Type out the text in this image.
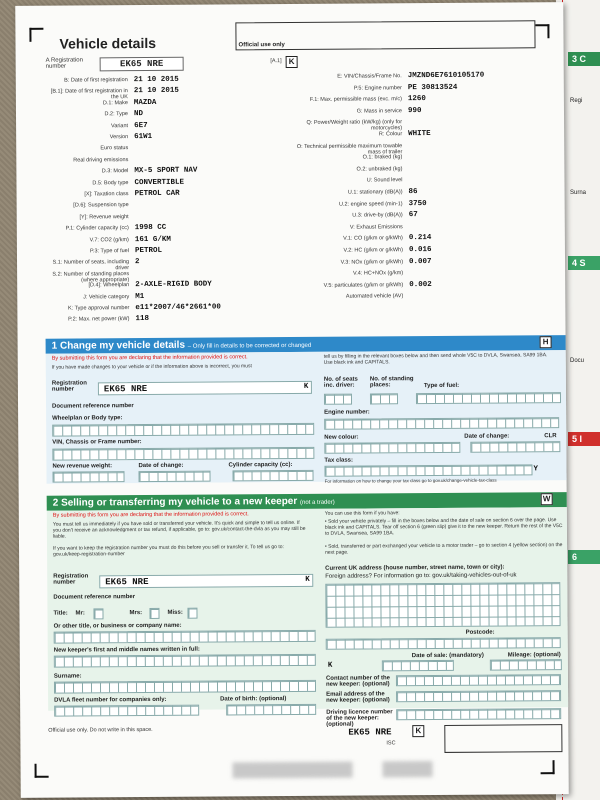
3 C
Regi
Surna
4 S
Docu
5 I
6
Vehicle details	Official use only
A Registration number	EK65 NRE	[A.1] K
1 Change my vehicle details – Only fill in details to be corrected or changed
H
By submitting this form you are declaring that the information provided is correct.
If you have made changes to your vehicle or if the information above is incorrect, you must
tell us by filling in the relevant boxes below and then send whole V5C to DVLA, Swansea, SA99 1BA. Use black ink and CAPITALS.
Registration number	EK65 NRE	K
Document reference number
Wheelplan or Body type:
VIN, Chassis or Frame number:
New revenue weight:	Date of change:	Cylinder capacity (cc):
No. of seats inc. driver:
No. of standing places:	Type of fuel:
Engine number:
New colour:	Date of change:	CLR
Tax class:
Y
For information on how to change your tax class go to gov.uk/change-vehicle-tax-class
2 Selling or transferring my vehicle to a new keeper (not a trader)	W
By submitting this form you are declaring that the information provided is correct.
You must tell us immediately if you have sold or transferred your vehicle. It's quick and simple to tell us online. If you don't receive an acknowledgment or tax refund, if applicable, go to: gov.uk/contact-the-dvla as you may still be liable.
If you want to keep the registration number you must do this before you sell or transfer it. To tell us go to: gov.uk/keep-registration-number
You can use this form if you have:
• Sold your vehicle privately – fill in the boxes below and the date of sale on section 6 over the page. Use black ink and CAPITALS. Tear off section 6 (green slip) give it to the new keeper. Return the rest of the V5C to DVLA, Swansea, SA99 1BA.
• Sold, transferred or part exchanged your vehicle to a motor trader – go to section 4 (yellow section) on the next page.
Registration number	EK65 NRE	K
Document reference number
Title: Mr:	Mrs:	Miss:
Or other title, or business or company name:
New keeper's first and middle names written in full:
Surname:
DVLA fleet number for companies only:	Date of birth: (optional)
Current UK address (house number, street name, town or city):
Foreign address? For information go to: gov.uk/taking-vehicles-out-of-uk
Postcode:
Date of sale: (mandatory)	Mileage: (optional)
K
Contact number of the new keeper: (optional)
Email address of the new keeper: (optional)
Driving licence number of the new keeper: (optional)
Official use only. Do not write in this space.	EK65 NRE	K
ISC
B: Date of first registration 21 10 2015
[B.1]: Date of first registration in the UK
21 10 2015
D.1: Make MAZDA
D.2: Type ND
Variant 6E7
Version 61W1
Euro status
Real driving emissions
D.3: Model MX-5 SPORT NAV
D.5: Body type CONVERTIBLE
[X]: Taxation class PETROL CAR
[D.6]: Suspension type
[Y]: Revenue weight
P.1: Cylinder capacity (cc) 1998 CC
V.7: CO2 (g/km) 161 G/KM
P.3: Type of fuel PETROL
S.1: Number of seats, including driver
2
S.2: Number of standing places (where appropriate)
[D.4]: Wheelplan 2-AXLE-RIGID BODY
J: Vehicle category M1
K: Type approval number e11*2007/46*2661*00
P.2: Max. net power (kW) 118
E: VIN/Chassis/Frame No. JMZND6E7610105170
P.5: Engine number PE 30813524
F.1: Max. permissible mass (exc. m/c) 1260
G: Mass in service 990
Q: Power/Weight ratio (kW/kg) (only for motorcycles)
R: Colour WHITE
O: Technical permissible maximum towable mass of trailer
O.1: braked (kg)
O.2: unbraked (kg)
U: Sound level
U.1: stationary (dB(A)) 86
U.2: engine speed (min-1) 3750
U.3: drive-by (dB(A)) 67
V: Exhaust Emissions
V.1: CO (g/km or g/kWh) 0.214
V.2: HC (g/km or g/kWh) 0.016
V.3: NOx (g/km or g/kWh) 0.007
V.4: HC+NOx (g/km)
V.5: particulates (g/km or g/kWh) 0.002
Automated vehicle (AV)
